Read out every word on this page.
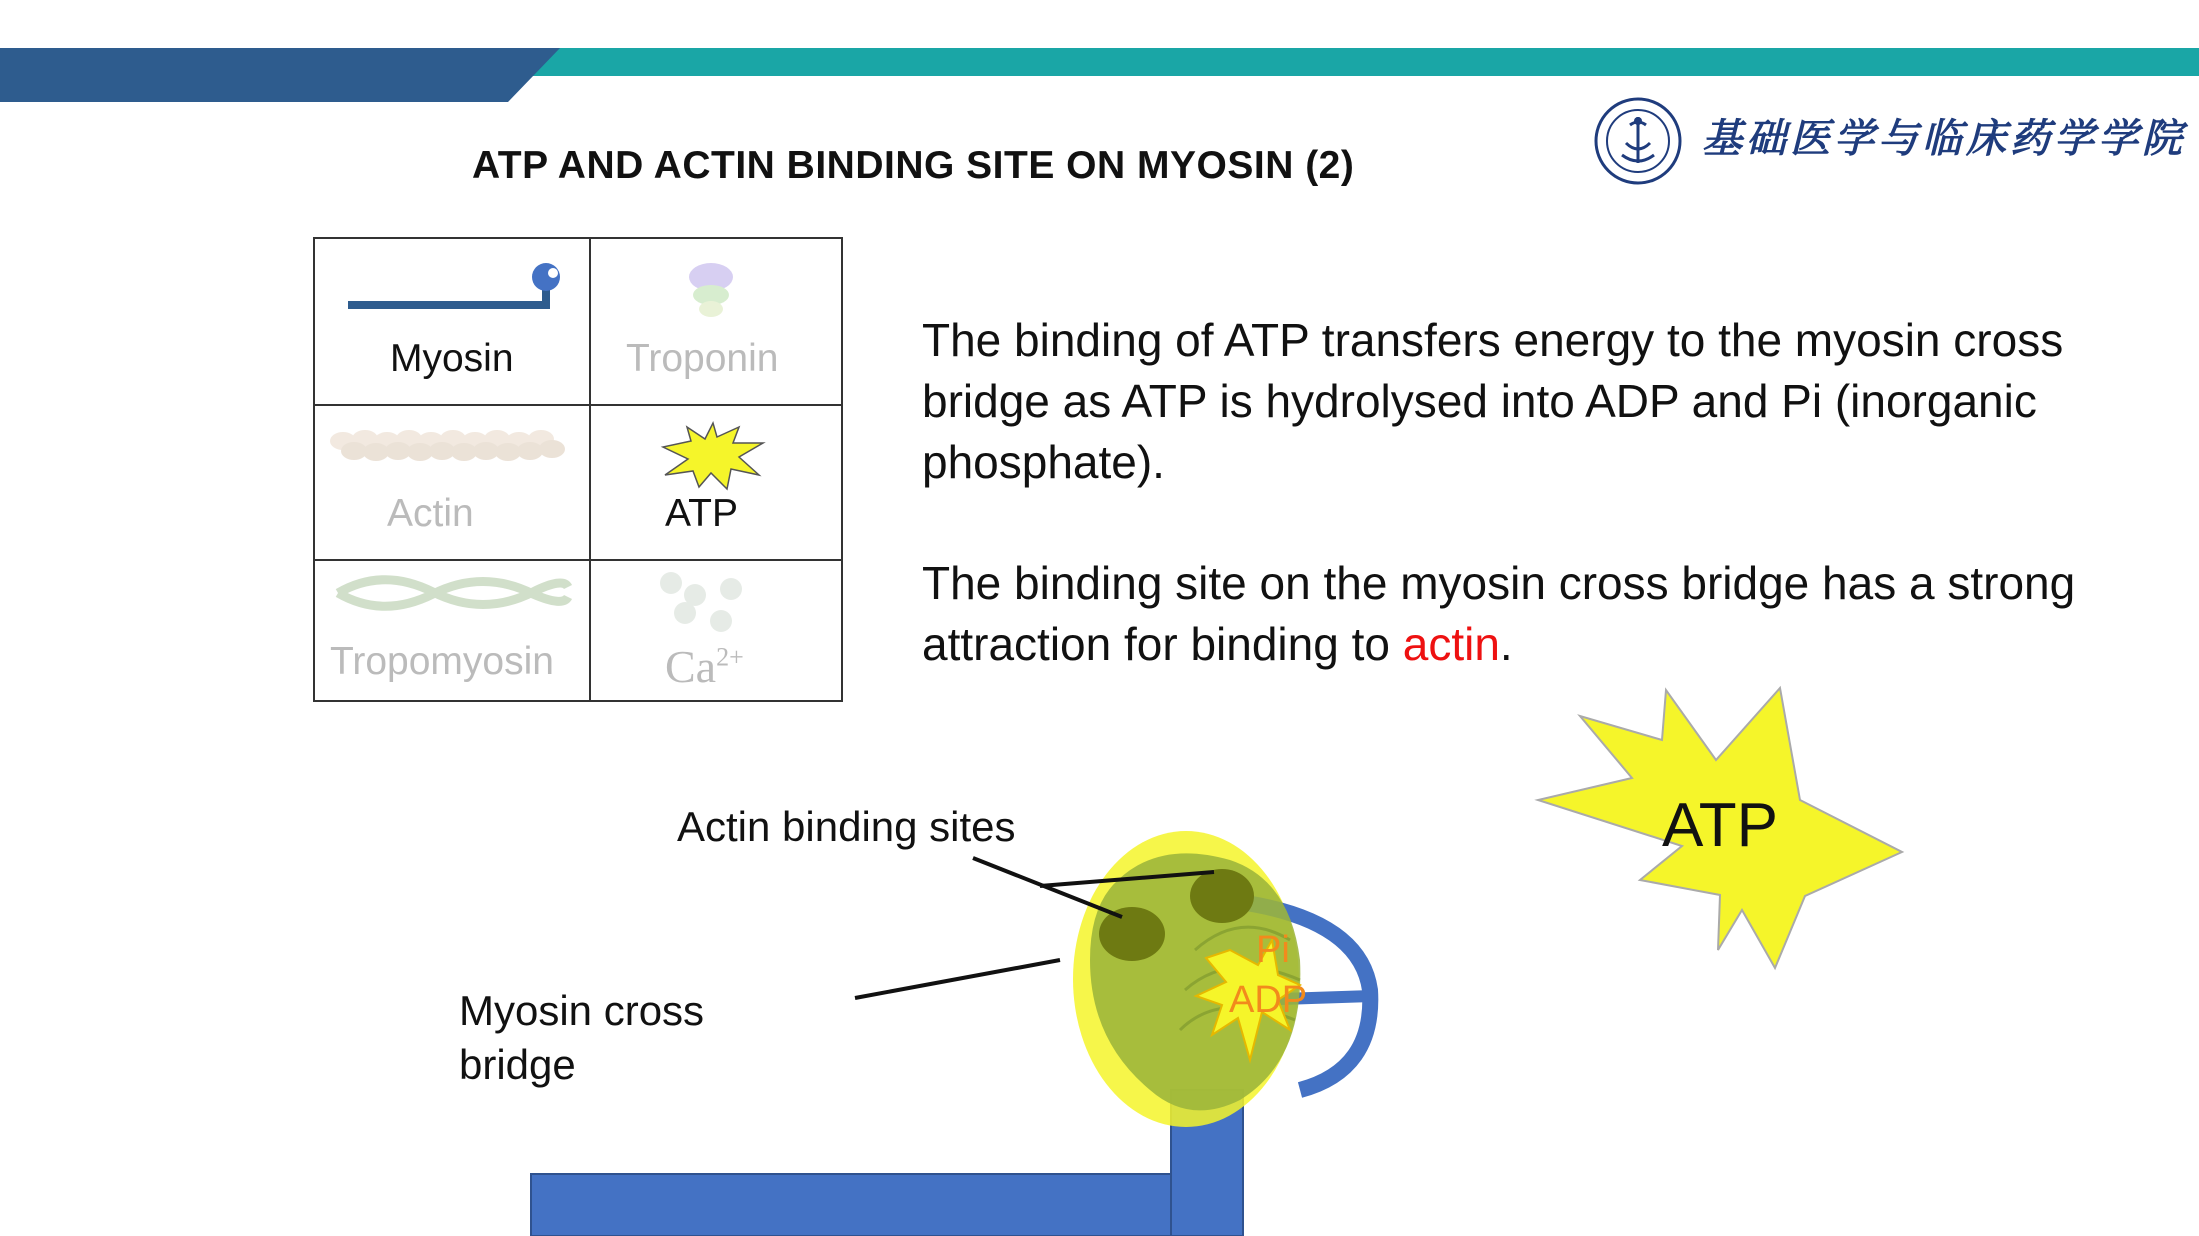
ATP AND ACTIN BINDING SITE ON MYOSIN (2)
基础医学与临床药学学院
Myosin	Troponin
Actin	ATP
Tropomyosin $Ca^{2+}$
The binding of ATP transfers energy to the myosin cross bridge as ATP is hydrolysed into ADP and Pi (inorganic phosphate).
The binding site on the myosin cross bridge has a strong attraction for binding to actin.
Actin binding sites
Myosin cross
bridge
Pi
ADP
ATP
